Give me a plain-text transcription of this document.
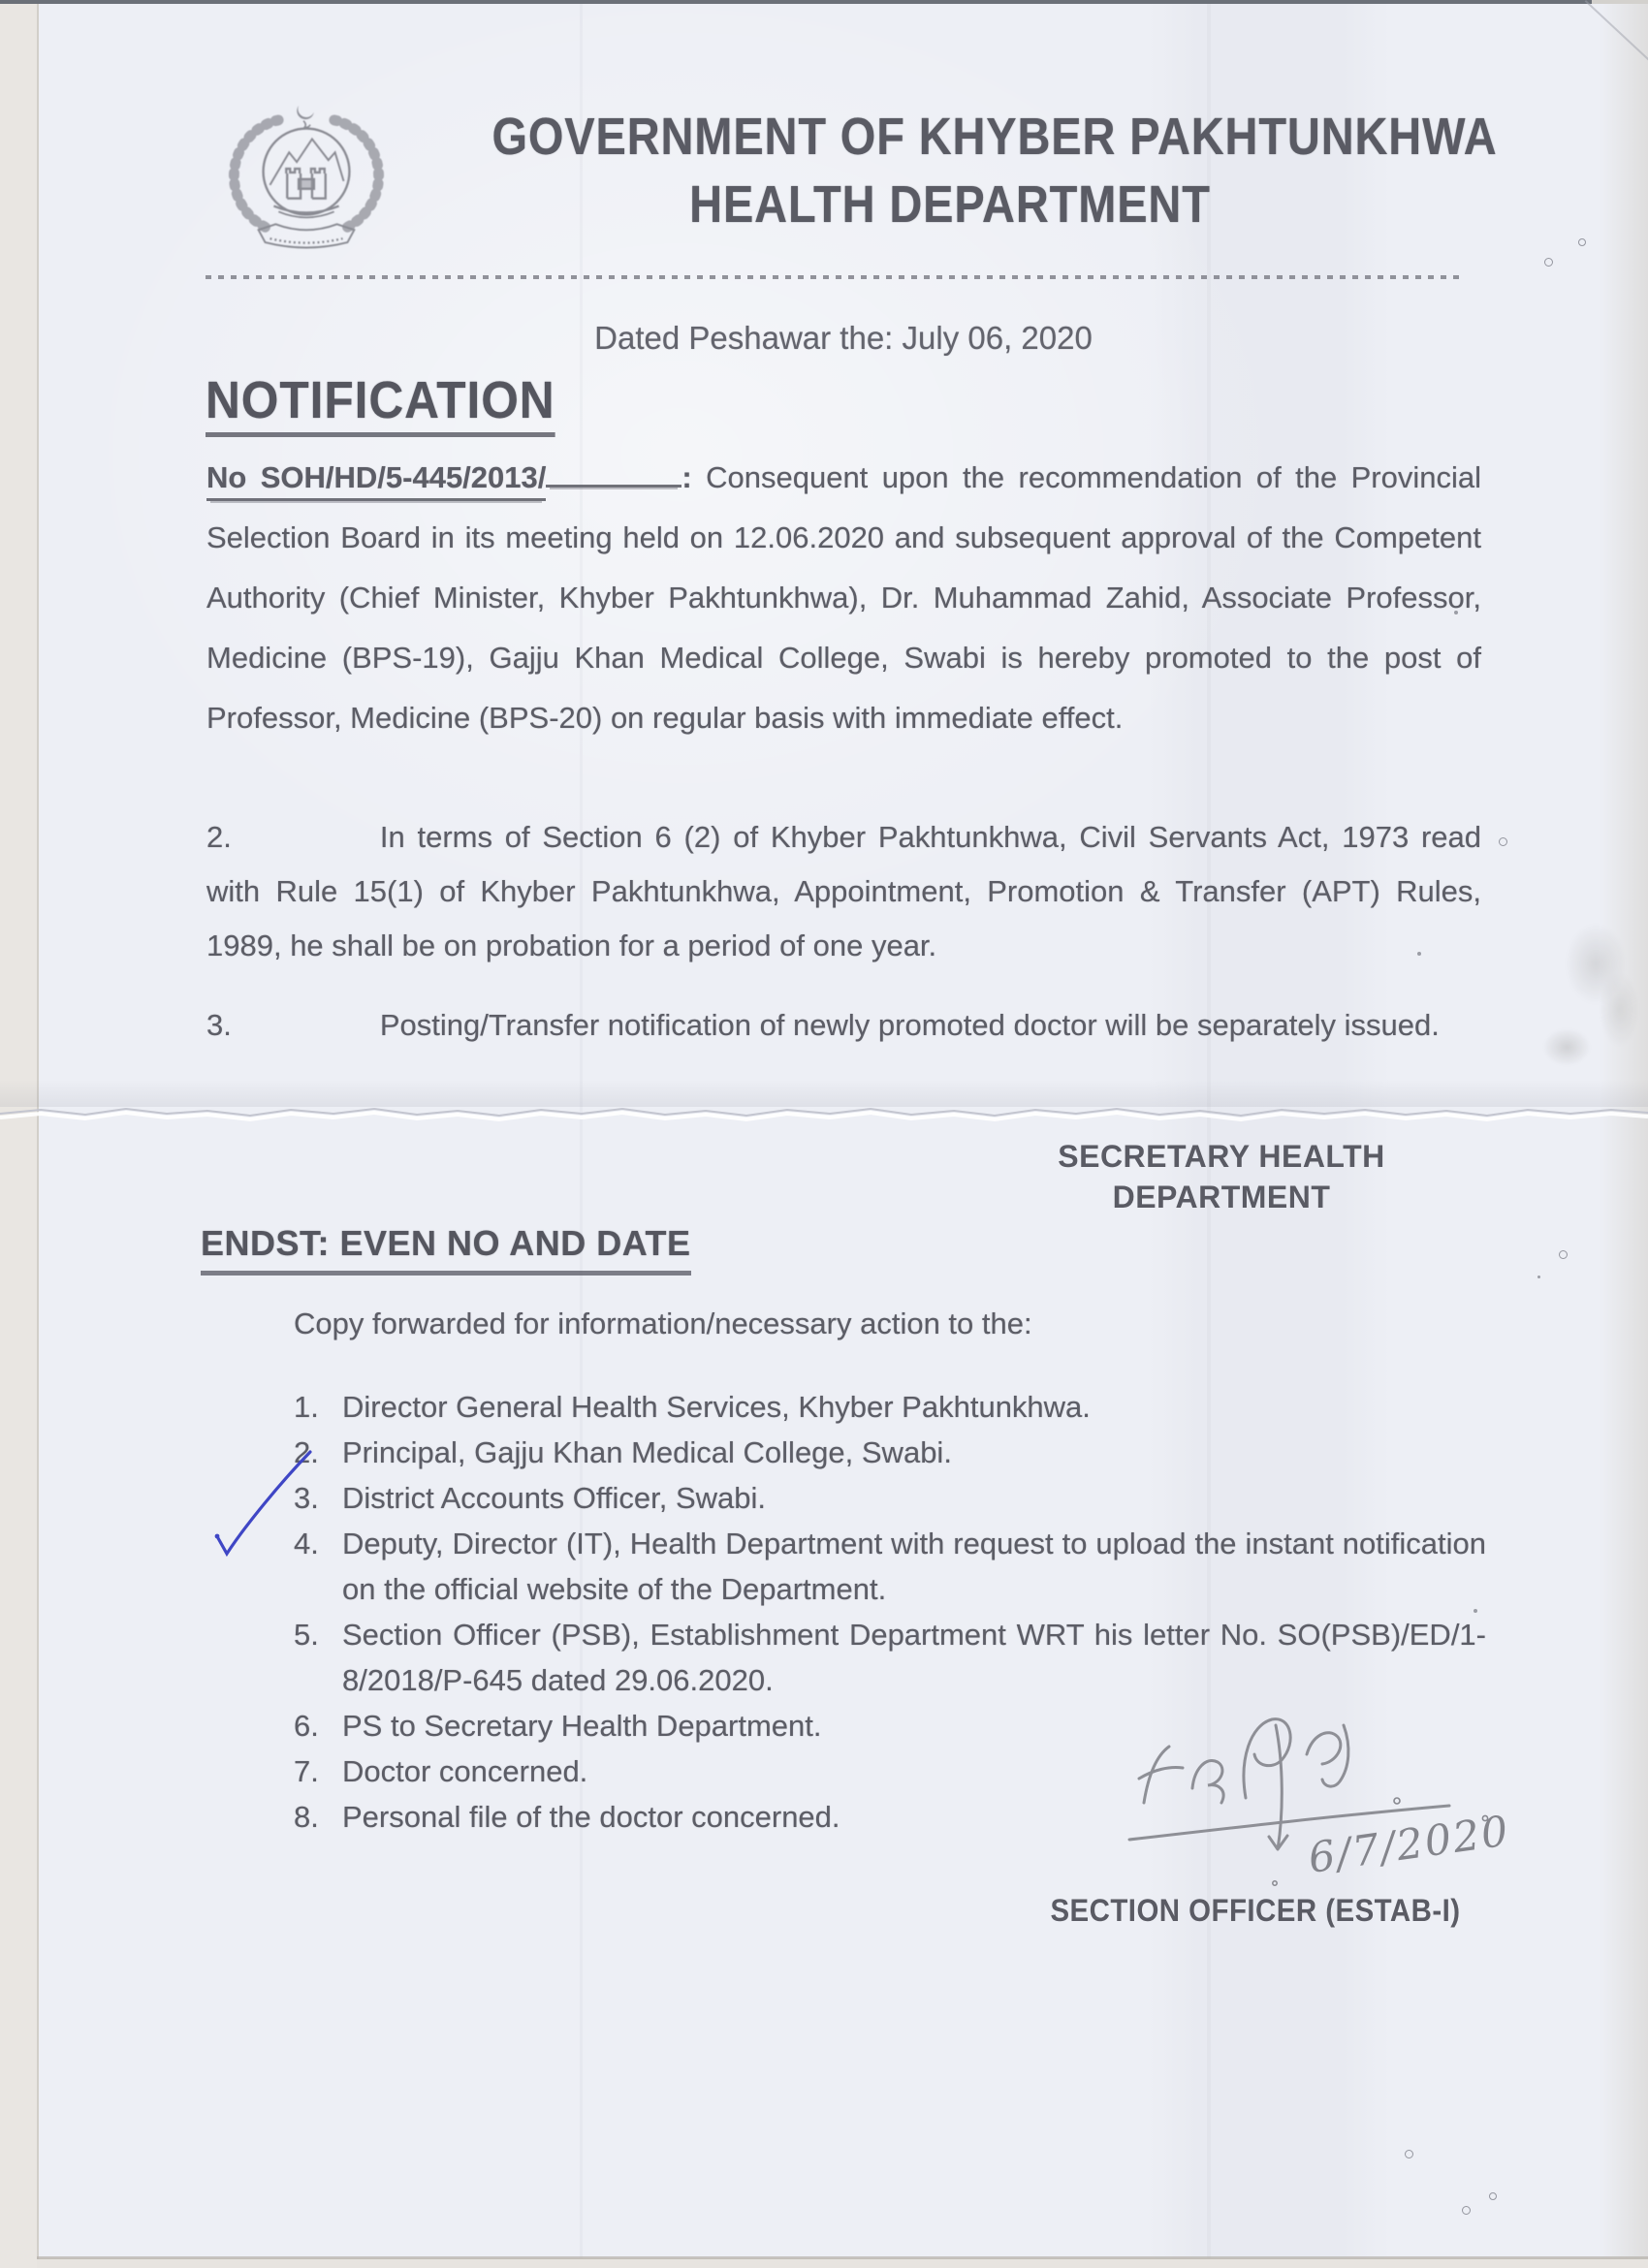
GOVERNMENT OF KHYBER PAKHTUNKHWA
HEALTH DEPARTMENT
Dated Peshawar the: July 06, 2020
NOTIFICATION
No SOH/HD/5-445/2013/	: Consequent upon the recommendation of the Provincial Selection Board in its meeting held on 12.06.2020 and subsequent approval of the Competent Authority (Chief Minister, Khyber Pakhtunkhwa), Dr. Muhammad Zahid, Associate Professor, Medicine (BPS-19), Gajju Khan Medical College, Swabi is hereby promoted to the post of Professor, Medicine (BPS-20) on regular basis with immediate effect.
2.	In terms of Section 6 (2) of Khyber Pakhtunkhwa, Civil Servants Act, 1973 read with Rule 15(1) of Khyber Pakhtunkhwa, Appointment, Promotion & Transfer (APT) Rules, 1989, he shall be on probation for a period of one year.
3.	Posting/Transfer notification of newly promoted doctor will be separately issued.
SECRETARY HEALTH
DEPARTMENT
ENDST: EVEN NO AND DATE
Copy forwarded for information/necessary action to the:
1. Director General Health Services, Khyber Pakhtunkhwa.
2. Principal, Gajju Khan Medical College, Swabi.
3. District Accounts Officer, Swabi.
4. Deputy, Director (IT), Health Department with request to upload the instant notification on the official website of the Department.
5. Section Officer (PSB), Establishment Department WRT his letter No. SO(PSB)/ED/1-8/2018/P-645 dated 29.06.2020.
6. PS to Secretary Health Department.
7. Doctor concerned.
8. Personal file of the doctor concerned.	6/7/2020
SECTION OFFICER (ESTAB-I)
